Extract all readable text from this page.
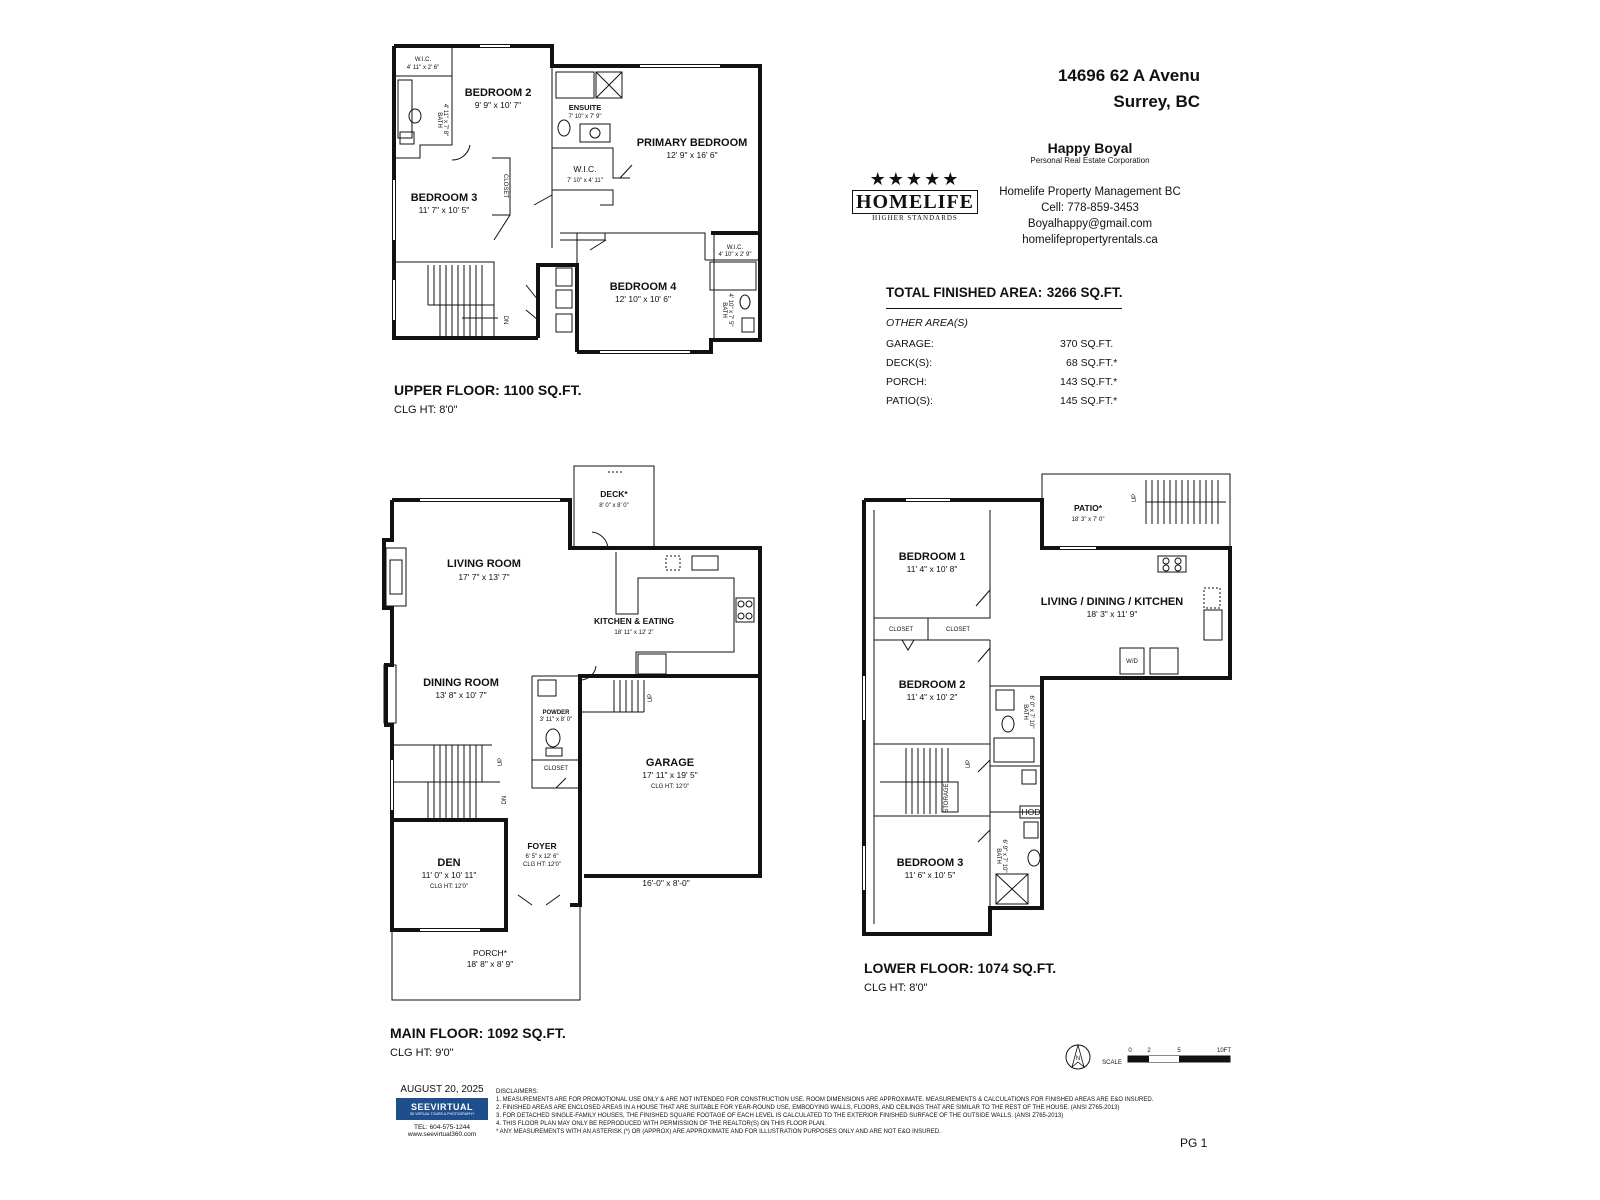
W.I.C.
4' 11" x 2' 6"
BEDROOM 2
9' 9" x 10' 7"
BATH 4' 11" x 7' 8"	ENSUITE
7' 10" x 7' 9"
PRIMARY BEDROOM
12' 9" x 16' 6"
W.I.C.
7' 10" x 4' 11"
BEDROOM 3
11' 7" x 10' 5"
CLOSET
W.I.C.
4' 10" x 2' 9"
BEDROOM 4
12' 10" x 10' 6"
BATH 4' 10" x 7' 5"
DN
DECK*
8' 0" x 8' 0"
LIVING ROOM
17' 7" x 13' 7"
KITCHEN & EATING
18' 11" x 12' 2"
DINING ROOM
13' 8" x 10' 7"
POWDER
3' 11" x 8' 0"
CLOSET	GARAGE
17' 11" x 19' 5"
CLG HT: 12'0"
16'-0" x 8'-0"
UP
DN
UP
DEN
11' 0" x 10' 11"
CLG HT: 12'0"
FOYER
6' 5" x 12' 6"
CLG HT: 12'0"
PORCH*
18' 8" x 8' 9"
PATIO*
18' 3" x 7' 0"
UP
BEDROOM 1
11' 4" x 10' 8"
LIVING / DINING / KITCHEN
18' 3" x 11' 9"
W/D
CLOSET	CLOSET
BEDROOM 2
11' 4" x 10' 2"
BATH 6' 0" x 7' 10"
UP
STORAGE	HOD
BATH 6' 9" x 7' 10"
BEDROOM 3
11' 6" x 10' 5"
N
SCALE
0	2	5	10FT
14696 62 A Avenu
Surrey, BC
Happy Boyal
Personal Real Estate Corporation
★★★★★
HOMELIFE
HIGHER STANDARDS
Homelife Property Management BC
Cell: 778-859-3453
Boyalhappy@gmail.com
homelifepropertyrentals.ca
TOTAL FINISHED AREA: 3266 SQ.FT.
OTHER AREA(S)
GARAGE:	370 SQ.FT.
DECK(S):	68 SQ.FT.*
PORCH:	143 SQ.FT.*
PATIO(S):	145 SQ.FT.*
UPPER FLOOR: 1100 SQ.FT.
CLG HT: 8'0"
MAIN FLOOR: 1092 SQ.FT.
CLG HT: 9'0"
LOWER FLOOR: 1074 SQ.FT.
CLG HT: 8'0"
AUGUST 20, 2025
SEEVIRTUAL
3D VIRTUAL TOURS & PHOTOGRAPHY
TEL: 604-575-1244
www.seevirtual360.com
DISCLAIMERS:
1. MEASUREMENTS ARE FOR PROMOTIONAL USE ONLY & ARE NOT INTENDED FOR CONSTRUCTION USE. ROOM DIMENSIONS ARE APPROXIMATE. MEASUREMENTS & CALCULATIONS FOR FINISHED AREAS ARE E&O INSURED.
2. FINISHED AREAS ARE ENCLOSED AREAS IN A HOUSE THAT ARE SUITABLE FOR YEAR-ROUND USE, EMBODYING WALLS, FLOORS, AND CEILINGS THAT ARE SIMILAR TO THE REST OF THE HOUSE. (ANSI Z765-2013)
3. FOR DETACHED SINGLE-FAMILY HOUSES, THE FINISHED SQUARE FOOTAGE OF EACH LEVEL IS CALCULATED TO THE EXTERIOR FINISHED SURFACE OF THE OUTSIDE WALLS. (ANSI Z765-2013)
4. THIS FLOOR PLAN MAY ONLY BE REPRODUCED WITH PERMISSION OF THE REALTOR(S) ON THIS FLOOR PLAN.
* ANY MEASUREMENTS WITH AN ASTERISK (*) OR (APPROX) ARE APPROXIMATE AND FOR ILLUSTRATION PURPOSES ONLY AND ARE NOT E&O INSURED.
PG 1
